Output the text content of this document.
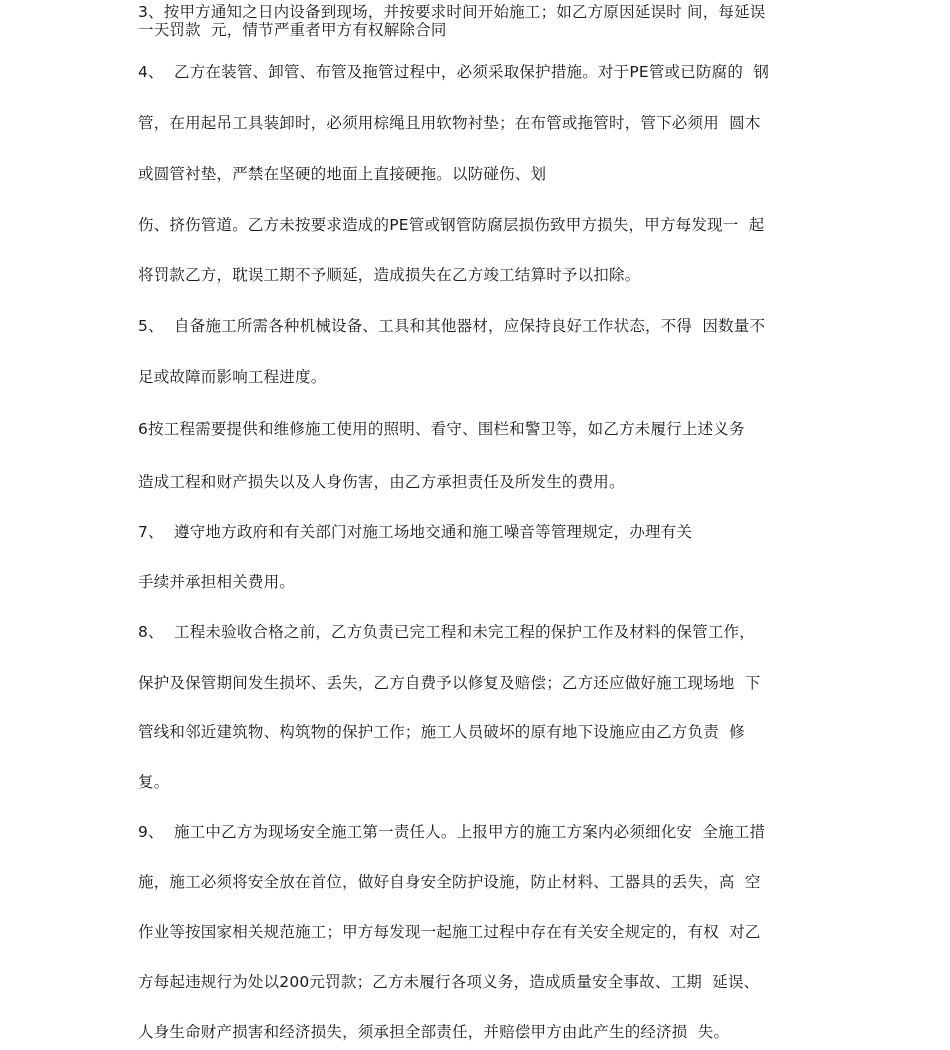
3、按甲方通知之日内设备到现场，并按要求时间开始施工；如乙方原因延误时 间，每延误
一天罚款  元，情节严重者甲方有权解除合同
4、  乙方在装管、卸管、布管及拖管过程中，必须采取保护措施。对于PE管或已防腐的  钢
管，在用起吊工具装卸时，必须用棕绳且用软物衬垫；在布管或拖管时，管下必须用  圆木
或圆管衬垫，严禁在坚硬的地面上直接硬拖。以防碰伤、划
伤、挤伤管道。乙方未按要求造成的PE管或钢管防腐层损伤致甲方损失，甲方每发现一  起
将罚款乙方，耽误工期不予顺延，造成损失在乙方竣工结算时予以扣除。
5、  自备施工所需各种机械设备、工具和其他器材，应保持良好工作状态，不得  因数量不
足或故障而影响工程进度。
6按工程需要提供和维修施工使用的照明、看守、围栏和警卫等，如乙方未履行上述义务
造成工程和财产损失以及人身伤害，由乙方承担责任及所发生的费用。
7、  遵守地方政府和有关部门对施工场地交通和施工噪音等管理规定，办理有关
手续并承担相关费用。
8、  工程未验收合格之前，乙方负责已完工程和未完工程的保护工作及材料的保管工作，
保护及保管期间发生损坏、丢失，乙方自费予以修复及赔偿；乙方还应做好施工现场地  下
管线和邻近建筑物、构筑物的保护工作；施工人员破坏的原有地下设施应由乙方负责  修
复。
9、  施工中乙方为现场安全施工第一责任人。上报甲方的施工方案内必须细化安  全施工措
施，施工必须将安全放在首位，做好自身安全防护设施，防止材料、工器具的丢失，高  空
作业等按国家相关规范施工；甲方每发现一起施工过程中存在有关安全规定的，有权  对乙
方每起违规行为处以200元罚款；乙方未履行各项义务，造成质量安全事故、工期  延误、
人身生命财产损害和经济损失，须承担全部责任，并赔偿甲方由此产生的经济损  失。
